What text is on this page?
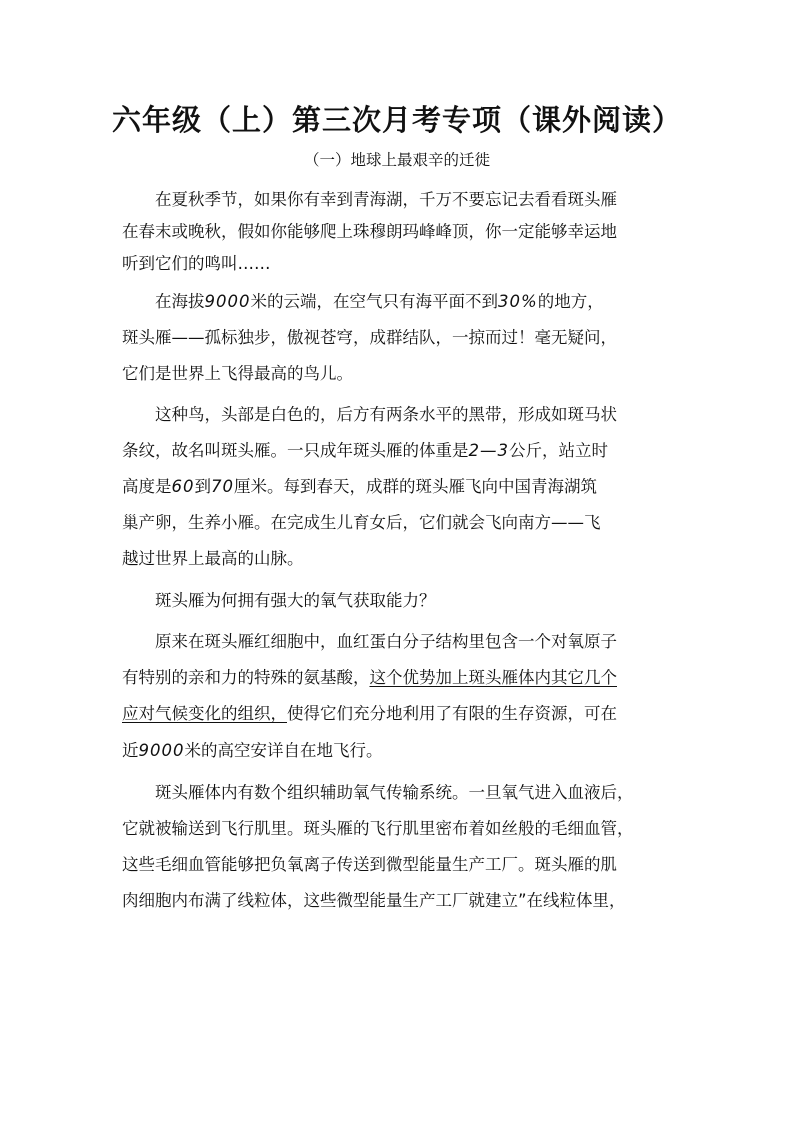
六年级（上）第三次月考专项（课外阅读）
（一）地球上最艰辛的迁徙
在夏秋季节，如果你有幸到青海湖，千万不要忘记去看看斑头雁
在春末或晚秋，假如你能够爬上珠穆朗玛峰峰顶，你一定能够幸运地
听到它们的鸣叫……
在海拔9000米的云端，在空气只有海平面不到30%的地方，
斑头雁——孤标独步，傲视苍穹，成群结队，一掠而过！毫无疑问，
它们是世界上飞得最高的鸟儿。
这种鸟，头部是白色的，后方有两条水平的黑带，形成如斑马状
条纹，故名叫斑头雁。一只成年斑头雁的体重是2—3公斤，站立时
高度是60到70厘米。每到春天，成群的斑头雁飞向中国青海湖筑
巢产卵，生养小雁。在完成生儿育女后，它们就会飞向南方——飞
越过世界上最高的山脉。
斑头雁为何拥有强大的氧气获取能力？
原来在斑头雁红细胞中，血红蛋白分子结构里包含一个对氧原子
有特别的亲和力的特殊的氨基酸，这个优势加上斑头雁体内其它几个
应对气候变化的组织，使得它们充分地利用了有限的生存资源，可在
近9000米的高空安详自在地飞行。
斑头雁体内有数个组织辅助氧气传输系统。一旦氧气进入血液后，
它就被输送到飞行肌里。斑头雁的飞行肌里密布着如丝般的毛细血管，
这些毛细血管能够把负氧离子传送到微型能量生产工厂。斑头雁的肌
肉细胞内布满了线粒体，这些微型能量生产工厂就建立”在线粒体里，
